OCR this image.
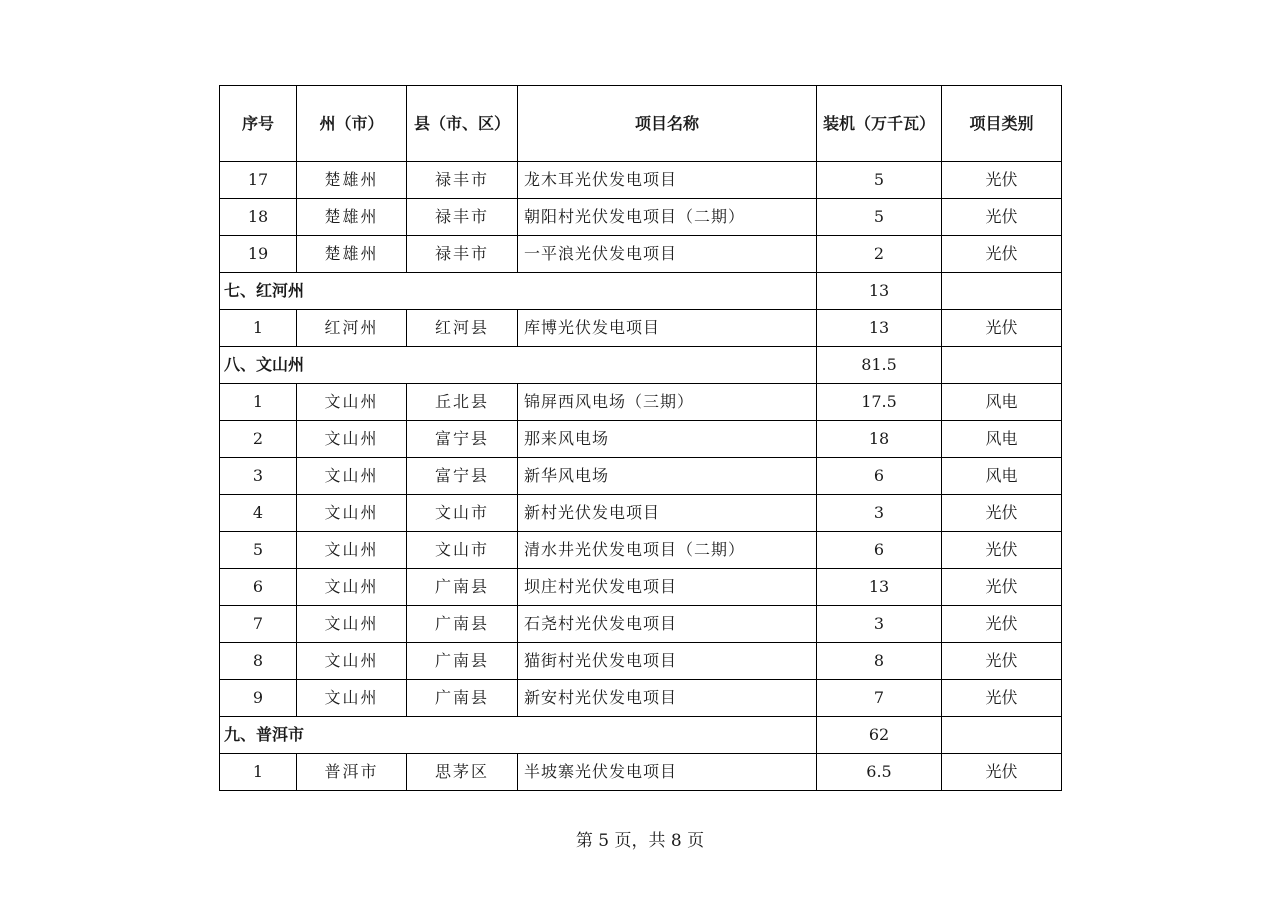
序号	州（市）	县（市、区）	项目名称	装机（万千瓦）	项目类别
17	楚雄州	禄丰市	龙木耳光伏发电项目	5	光伏
18	楚雄州	禄丰市	朝阳村光伏发电项目（二期）	5	光伏
19	楚雄州	禄丰市	一平浪光伏发电项目	2	光伏
七、红河州				13	
1	红河州	红河县	库博光伏发电项目	13	光伏
八、文山州				81.5	
1	文山州	丘北县	锦屏西风电场（三期）	17.5	风电
2	文山州	富宁县	那来风电场	18	风电
3	文山州	富宁县	新华风电场	6	风电
4	文山州	文山市	新村光伏发电项目	3	光伏
5	文山州	文山市	清水井光伏发电项目（二期）	6	光伏
6	文山州	广南县	坝庄村光伏发电项目	13	光伏
7	文山州	广南县	石尧村光伏发电项目	3	光伏
8	文山州	广南县	猫街村光伏发电项目	8	光伏
9	文山州	广南县	新安村光伏发电项目	7	光伏
九、普洱市				62	
1	普洱市	思茅区	半坡寨光伏发电项目	6.5	光伏
第 5 页，共 8 页
